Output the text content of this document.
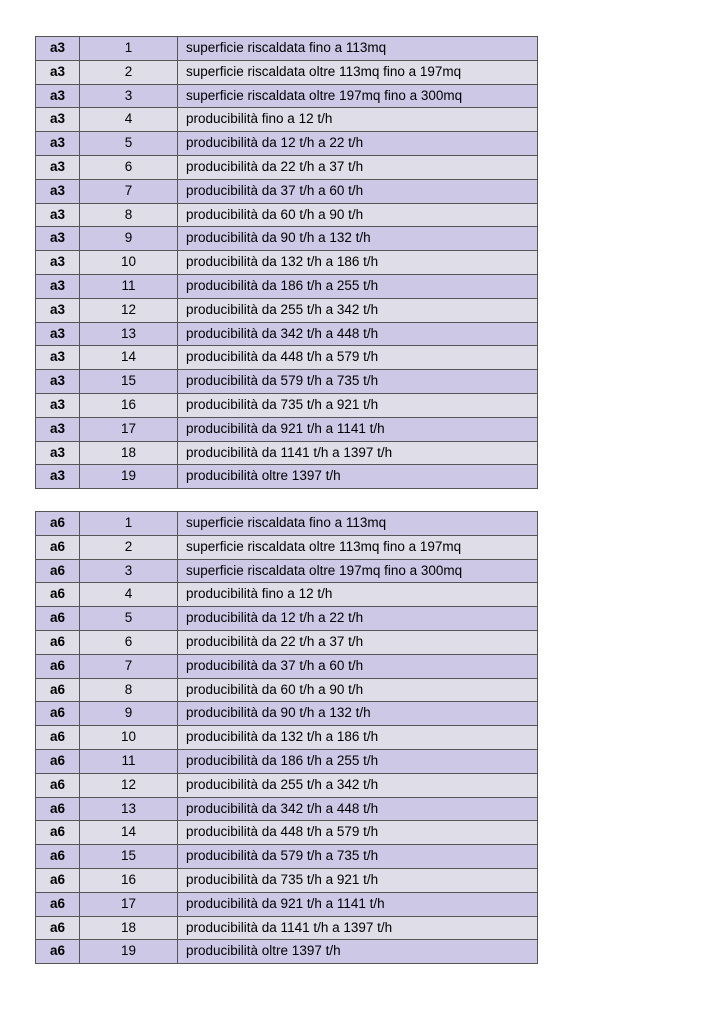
a3	1	superficie riscaldata fino a 113mq
a3	2	superficie riscaldata oltre 113mq fino a 197mq
a3	3	superficie riscaldata oltre 197mq fino a 300mq
a3	4	producibilità fino a 12 t/h
a3	5	producibilità da 12 t/h a 22 t/h
a3	6	producibilità da 22 t/h a 37 t/h
a3	7	producibilità da 37 t/h a 60 t/h
a3	8	producibilità da 60 t/h a 90 t/h
a3	9	producibilità da 90 t/h a 132 t/h
a3	10	producibilità da 132 t/h a 186 t/h
a3	11	producibilità da 186 t/h a 255 t/h
a3	12	producibilità da 255 t/h a 342 t/h
a3	13	producibilità da 342 t/h a 448 t/h
a3	14	producibilità da 448 t/h a 579 t/h
a3	15	producibilità da 579 t/h a 735 t/h
a3	16	producibilità da 735 t/h a 921 t/h
a3	17	producibilità da 921 t/h a 1141 t/h
a3	18	producibilità da 1141 t/h a 1397 t/h
a3	19	producibilità oltre 1397 t/h
a6	1	superficie riscaldata fino a 113mq
a6	2	superficie riscaldata oltre 113mq fino a 197mq
a6	3	superficie riscaldata oltre 197mq fino a 300mq
a6	4	producibilità fino a 12 t/h
a6	5	producibilità da 12 t/h a 22 t/h
a6	6	producibilità da 22 t/h a 37 t/h
a6	7	producibilità da 37 t/h a 60 t/h
a6	8	producibilità da 60 t/h a 90 t/h
a6	9	producibilità da 90 t/h a 132 t/h
a6	10	producibilità da 132 t/h a 186 t/h
a6	11	producibilità da 186 t/h a 255 t/h
a6	12	producibilità da 255 t/h a 342 t/h
a6	13	producibilità da 342 t/h a 448 t/h
a6	14	producibilità da 448 t/h a 579 t/h
a6	15	producibilità da 579 t/h a 735 t/h
a6	16	producibilità da 735 t/h a 921 t/h
a6	17	producibilità da 921 t/h a 1141 t/h
a6	18	producibilità da 1141 t/h a 1397 t/h
a6	19	producibilità oltre 1397 t/h
